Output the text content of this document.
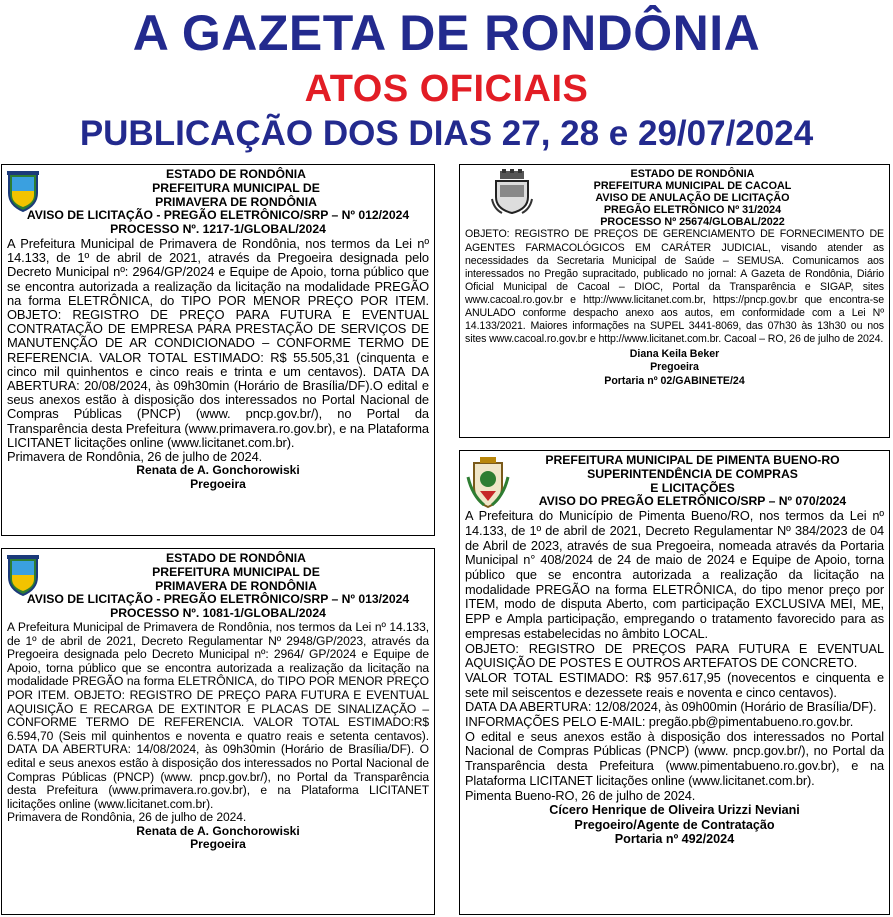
A GAZETA DE RONDÔNIA
ATOS OFICIAIS
PUBLICAÇÃO DOS DIAS 27, 28 e 29/07/2024
ESTADO DE RONDÔNIA
PREFEITURA MUNICIPAL DE
PRIMAVERA DE RONDÔNIA
AVISO DE LICITAÇÃO - PREGÃO ELETRÔNICO/SRP – Nº 012/2024
PROCESSO Nº. 1217-1/GLOBAL/2024
A Prefeitura Municipal de Primavera de Rondônia, nos termos da Lei nº 14.133, de 1º de abril de 2021, através da Pregoeira designada pelo Decreto Municipal nº: 2964/GP/2024 e Equipe de Apoio, torna público que se encontra autorizada a realização da licitação na modalidade PREGÃO na forma ELETRÔNICA, do TIPO POR MENOR PREÇO POR ITEM. OBJETO: REGISTRO DE PREÇO PARA FUTURA E EVENTUAL CONTRATAÇÃO DE EMPRESA PARA PRESTAÇÃO DE SERVIÇOS DE MANUTENÇÃO DE AR CONDICIONADO – CONFORME TERMO DE REFERENCIA. VALOR TOTAL ESTIMADO: R$ 55.505,31 (cinquenta e cinco mil quinhentos e cinco reais e trinta e um centavos). DATA DA ABERTURA: 20/08/2024, às 09h30min (Horário de Brasília/DF).O edital e seus anexos estão à disposição dos interessados no Portal Nacional de Compras Públicas (PNCP) (www. pncp.gov.br/), no Portal da Transparência desta Prefeitura (www.primavera.ro.gov.br), e na Plataforma LICITANET licitações online (www.licitanet.com.br).
Primavera de Rondônia, 26 de julho de 2024.
Renata de A. Gonchorowiski
Pregoeira
ESTADO DE RONDÔNIA
PREFEITURA MUNICIPAL DE CACOAL
AVISO DE ANULAÇÃO DE LICITAÇÃO
PREGÃO ELETRÔNICO Nº 31/2024
PROCESSO Nº 25674/GLOBAL/2022
OBJETO: REGISTRO DE PREÇOS DE GERENCIAMENTO DE FORNECIMENTO DE AGENTES FARMACOLÓGICOS EM CARÁTER JUDICIAL, visando atender as necessidades da Secretaria Municipal de Saúde – SEMUSA. Comunicamos aos interessados no Pregão supracitado, publicado no jornal: A Gazeta de Rondônia, Diário Oficial Municipal de Cacoal – DIOC, Portal da Transparência e SIGAP, sites www.cacoal.ro.gov.br e http://www.licitanet.com.br, https://pncp.gov.br que encontra-se ANULADO conforme despacho anexo aos autos, em conformidade com a Lei Nº 14.133/2021. Maiores informações na SUPEL 3441-8069, das 07h30 às 13h30 ou nos sites www.cacoal.ro.gov.br e http://www.licitanet.com.br. Cacoal – RO, 26 de julho de 2024.
Diana Keila Beker
Pregoeira
Portaria nº 02/GABINETE/24
ESTADO DE RONDÔNIA
PREFEITURA MUNICIPAL DE
PRIMAVERA DE RONDÔNIA
AVISO DE LICITAÇÃO - PREGÃO ELETRÔNICO/SRP – Nº 013/2024
PROCESSO Nº. 1081-1/GLOBAL/2024
A Prefeitura Municipal de Primavera de Rondônia, nos termos da Lei nº 14.133, de 1º de abril de 2021, Decreto Regulamentar Nº 2948/GP/2023, através da Pregoeira designada pelo Decreto Municipal nº: 2964/ GP/2024 e Equipe de Apoio, torna público que se encontra autorizada a realização da licitação na modalidade PREGÃO na forma ELETRÔNICA, do TIPO POR MENOR PREÇO POR ITEM. OBJETO: REGISTRO DE PREÇO PARA FUTURA E EVENTUAL AQUISIÇÃO E RECARGA DE EXTINTOR E PLACAS DE SINALIZAÇÃO – CONFORME TERMO DE REFERENCIA. VALOR TOTAL ESTIMADO:R$ 6.594,70 (Seis mil quinhentos e noventa e quatro reais e setenta centavos). DATA DA ABERTURA: 14/08/2024, às 09h30min (Horário de Brasília/DF). O edital e seus anexos estão à disposição dos interessados no Portal Nacional de Compras Públicas (PNCP) (www. pncp.gov.br/), no Portal da Transparência desta Prefeitura (www.primavera.ro.gov.br), e na Plataforma LICITANET licitações online (www.licitanet.com.br).
Primavera de Rondônia, 26 de julho de 2024.
Renata de A. Gonchorowiski
Pregoeira
PREFEITURA MUNICIPAL DE PIMENTA BUENO-RO
SUPERINTENDÊNCIA DE COMPRAS
E LICITAÇÕES
AVISO DO PREGÃO ELETRÔNICO/SRP – Nº 070/2024
A Prefeitura do Município de Pimenta Bueno/RO, nos termos da Lei nº 14.133, de 1º de abril de 2021, Decreto Regulamentar Nº 384/2023 de 04 de Abril de 2023, através de sua Pregoeira, nomeada através da Portaria Municipal n° 408/2024 de 24 de maio de 2024 e Equipe de Apoio, torna público que se encontra autorizada a realização da licitação na modalidade PREGÃO na forma ELETRÔNICA, do tipo menor preço por ITEM, modo de disputa Aberto, com participação EXCLUSIVA MEI, ME, EPP e Ampla participação, empregando o tratamento favorecido para as empresas estabelecidas no âmbito LOCAL.
OBJETO: REGISTRO DE PREÇOS PARA FUTURA E EVENTUAL AQUISIÇÃO DE POSTES E OUTROS ARTEFATOS DE CONCRETO.
VALOR TOTAL ESTIMADO: R$ 957.617,95 (novecentos e cinquenta e sete mil seiscentos e dezessete reais e noventa e cinco centavos).
DATA DA ABERTURA: 12/08/2024, às 09h00min (Horário de Brasília/DF).
INFORMAÇÕES PELO E-MAIL: pregão.pb@pimentabueno.ro.gov.br.
O edital e seus anexos estão à disposição dos interessados no Portal Nacional de Compras Públicas (PNCP) (www. pncp.gov.br/), no Portal da Transparência desta Prefeitura (www.pimentabueno.ro.gov.br), e na Plataforma LICITANET licitações online (www.licitanet.com.br).
Pimenta Bueno-RO, 26 de julho de 2024.
Cícero Henrique de Oliveira Urizzi Neviani
Pregoeiro/Agente de Contratação
Portaria nº 492/2024
